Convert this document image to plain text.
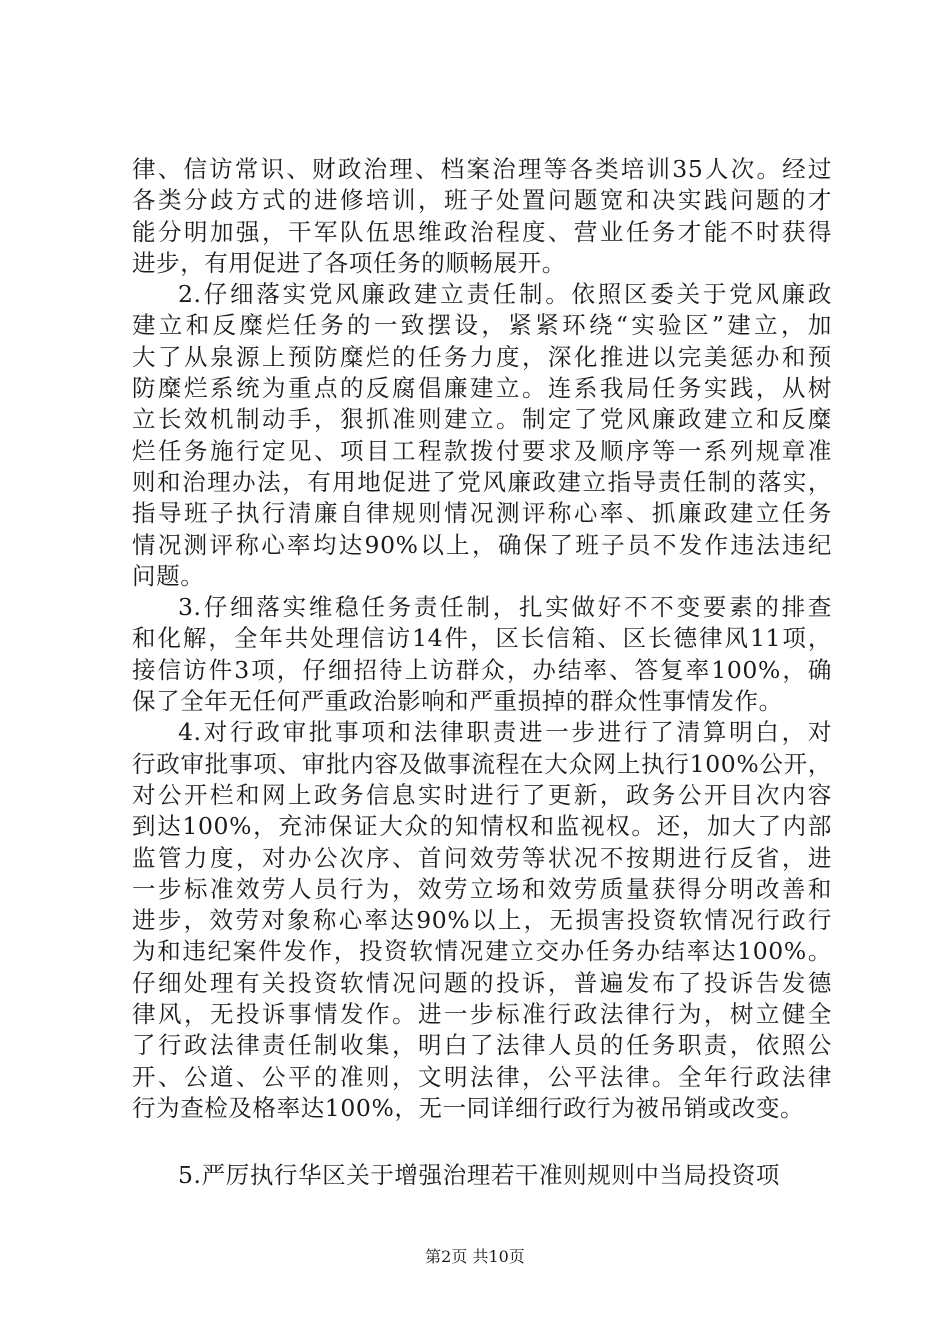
律、信访常识、财政治理、档案治理等各类培训35人次。经过
各类分歧方式的进修培训，班子处置问题宽和决实践问题的才
能分明加强，干军队伍思维政治程度、营业任务才能不时获得
进步，有用促进了各项任务的顺畅展开。
2.仔细落实党风廉政建立责任制。依照区委关于党风廉政
建立和反糜烂任务的一致摆设，紧紧环绕“实验区”建立，加
大了从泉源上预防糜烂的任务力度，深化推进以完美惩办和预
防糜烂系统为重点的反腐倡廉建立。连系我局任务实践，从树
立长效机制动手，狠抓准则建立。制定了党风廉政建立和反糜
烂任务施行定见、项目工程款拨付要求及顺序等一系列规章准
则和治理办法，有用地促进了党风廉政建立指导责任制的落实，
指导班子执行清廉自律规则情况测评称心率、抓廉政建立任务
情况测评称心率均达90%以上，确保了班子员不发作违法违纪
问题。
3.仔细落实维稳任务责任制，扎实做好不不变要素的排查
和化解，全年共处理信访14件，区长信箱、区长德律风11项，
接信访件3项，仔细招待上访群众，办结率、答复率100%，确
保了全年无任何严重政治影响和严重损掉的群众性事情发作。
4.对行政审批事项和法律职责进一步进行了清算明白，对
行政审批事项、审批内容及做事流程在大众网上执行100%公开，
对公开栏和网上政务信息实时进行了更新，政务公开目次内容
到达100%，充沛保证大众的知情权和监视权。还，加大了内部
监管力度，对办公次序、首问效劳等状况不按期进行反省，进
一步标准效劳人员行为，效劳立场和效劳质量获得分明改善和
进步，效劳对象称心率达90%以上，无损害投资软情况行政行
为和违纪案件发作，投资软情况建立交办任务办结率达100%。
仔细处理有关投资软情况问题的投诉，普遍发布了投诉告发德
律风，无投诉事情发作。进一步标准行政法律行为，树立健全
了行政法律责任制收集，明白了法律人员的任务职责，依照公
开、公道、公平的准则，文明法律，公平法律。全年行政法律
行为查检及格率达100%，无一同详细行政行为被吊销或改变。
5.严厉执行华区关于增强治理若干准则规则中当局投资项
第2页 共10页
